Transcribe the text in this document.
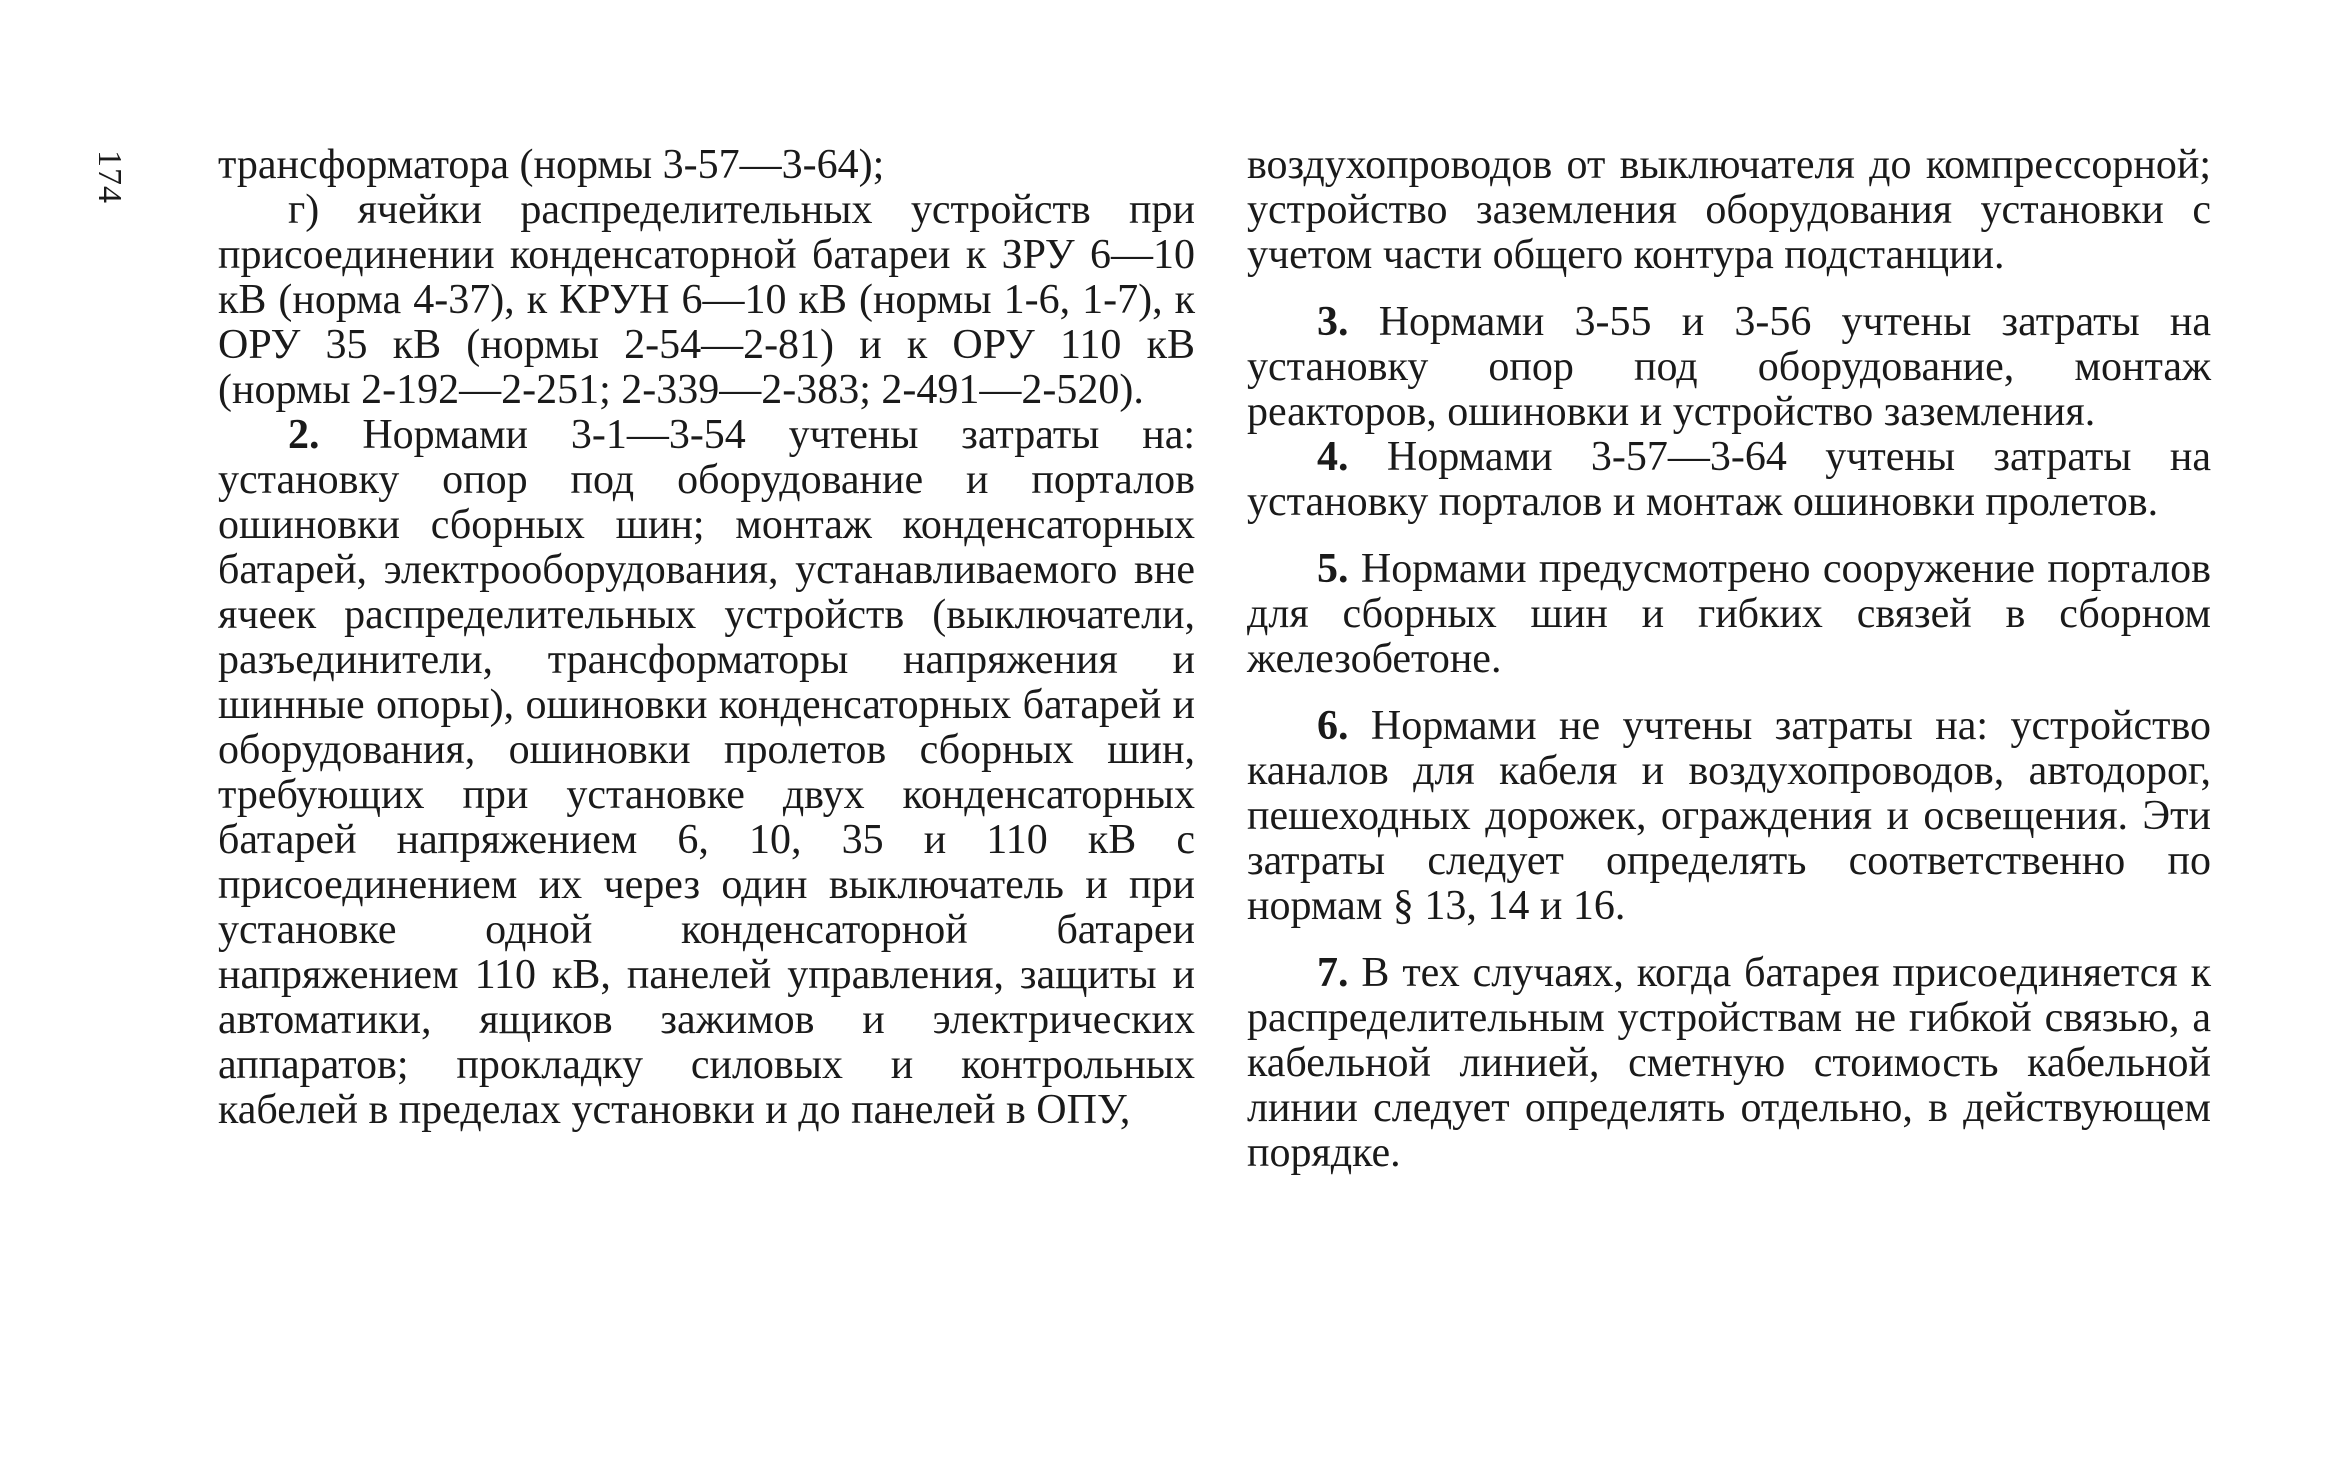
174 трансформатора (нормы 3-57—3-64);

г) ячейки распределительных устройств при присоединении конденсаторной батареи к ЗРУ 6—10 кВ (норма 4-37), к КРУН 6—10 кВ (нормы 1-6, 1-7), к ОРУ 35 кВ (нормы 2-54—2-81) и к ОРУ 110 кВ (нормы 2-192—2-251; 2-339—2-383; 2-491—2-520).

2. Нормами 3-1—3-54 учтены затраты на: установку опор под оборудование и порталов ошиновки сборных шин; монтаж конденсаторных батарей, электрооборудования, устанавливаемого вне ячеек распределительных устройств (выключатели, разъединители, трансформаторы напряжения и шинные опоры), ошиновки конденсаторных батарей и оборудования, ошиновки пролетов сборных шин, требующих при установке двух конденсаторных батарей напряжением 6, 10, 35 и 110 кВ с присоединением их через один выключатель и при установке одной конденсаторной батареи напряжением 110 кВ, панелей управления, защиты и автоматики, ящиков зажимов и электрических аппаратов; прокладку силовых и контрольных кабелей в пределах установки и до панелей в ОПУ,

воздухопроводов от выключателя до компрессорной; устройство заземления оборудования установки с учетом части общего контура подстанции.

3. Нормами 3-55 и 3-56 учтены затраты на установку опор под оборудование, монтаж реакторов, ошиновки и устройство заземления.

4. Нормами 3-57—3-64 учтены затраты на установку порталов и монтаж ошиновки пролетов.

5. Нормами предусмотрено сооружение порталов для сборных шин и гибких связей в сборном железобетоне.

6. Нормами не учтены затраты на: устройство каналов для кабеля и воздухопроводов, автодорог, пешеходных дорожек, ограждения и освещения. Эти затраты следует определять соответственно по нормам § 13, 14 и 16.

7. В тех случаях, когда батарея присоединяется к распределительным устройствам не гибкой связью, а кабельной линией, сметную стоимость кабельной линии следует определять отдельно, в действующем порядке.
